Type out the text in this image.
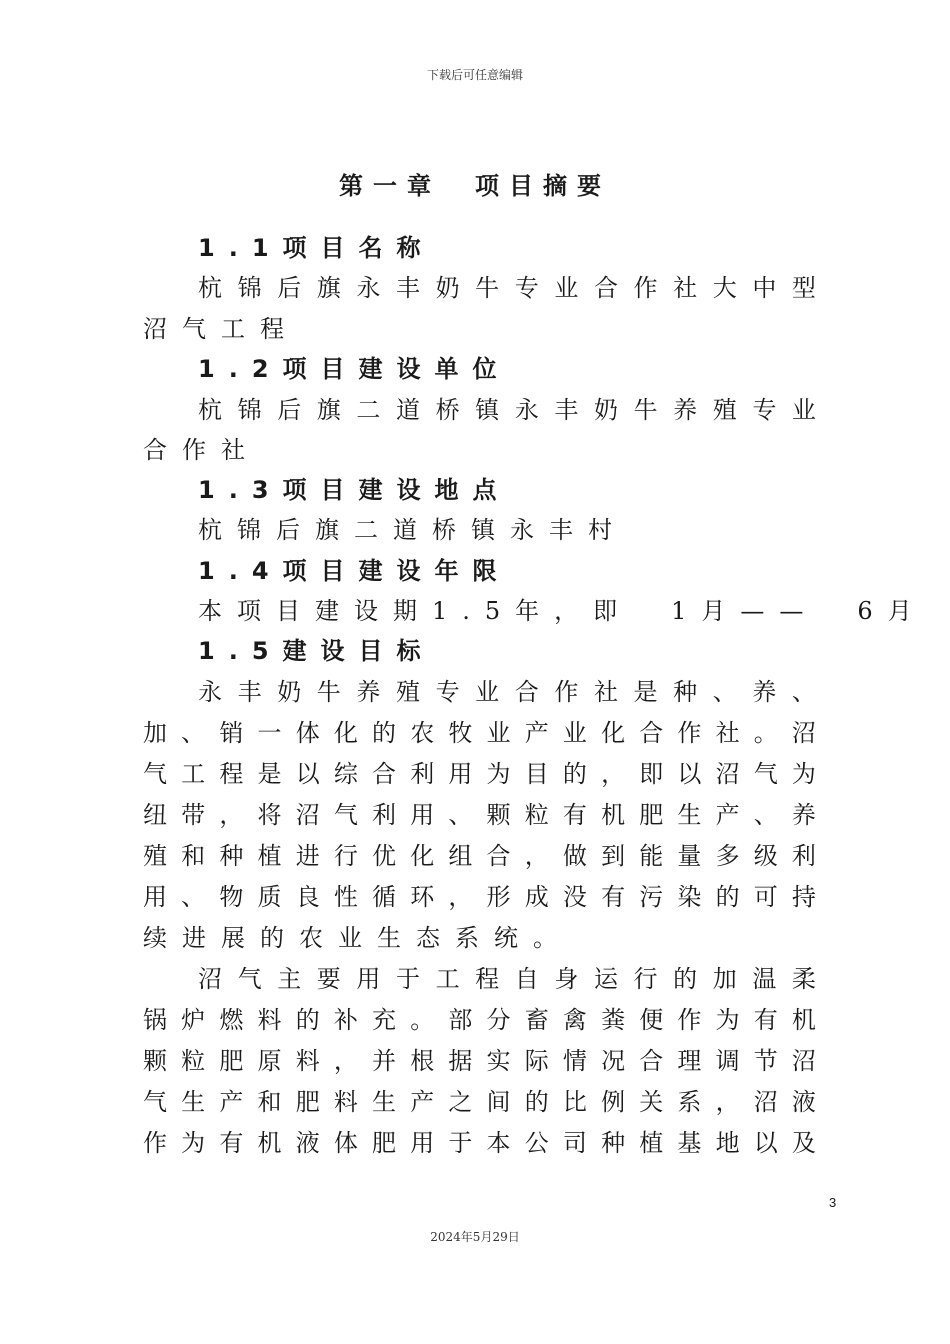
下载后可任意编辑
第一章　项目摘要
1.1项目名称
杭 锦 后 旗 永 丰 奶 牛 专 业 合 作 社 大 中 型
沼气工程
1.2项目建设单位
杭 锦 后 旗 二 道 桥 镇 永 丰 奶 牛 养 殖 专 业
合作社
1.3项目建设地点
杭锦后旗二道桥镇永丰村
1.4项目建设年限
本项目建设期1.5年，即　1月——　6月
1.5建设目标
永 丰 奶 牛 养 殖 专 业 合 作 社 是 种 、 养 、
加 、 销 一 体 化 的 农 牧 业 产 业 化 合 作 社 。 沼
气 工 程 是 以 综 合 利 用 为 目 的 ， 即 以 沼 气 为
纽 带 ， 将 沼 气 利 用 、 颗 粒 有 机 肥 生 产 、 养
殖 和 种 植 进 行 优 化 组 合 ， 做 到 能 量 多 级 利
用 、 物 质 良 性 循 环 ， 形 成 没 有 污 染 的 可 持
续进展的农业生态系统。
沼 气 主 要 用 于 工 程 自 身 运 行 的 加 温 柔
锅 炉 燃 料 的 补 充 。 部 分 畜 禽 粪 便 作 为 有 机
颗 粒 肥 原 料 ， 并 根 据 实 际 情 况 合 理 调 节 沼
气 生 产 和 肥 料 生 产 之 间 的 比 例 关 系 ， 沼 液
作 为 有 机 液 体 肥 用 于 本 公 司 种 植 基 地 以 及
3
2024年5月29日
